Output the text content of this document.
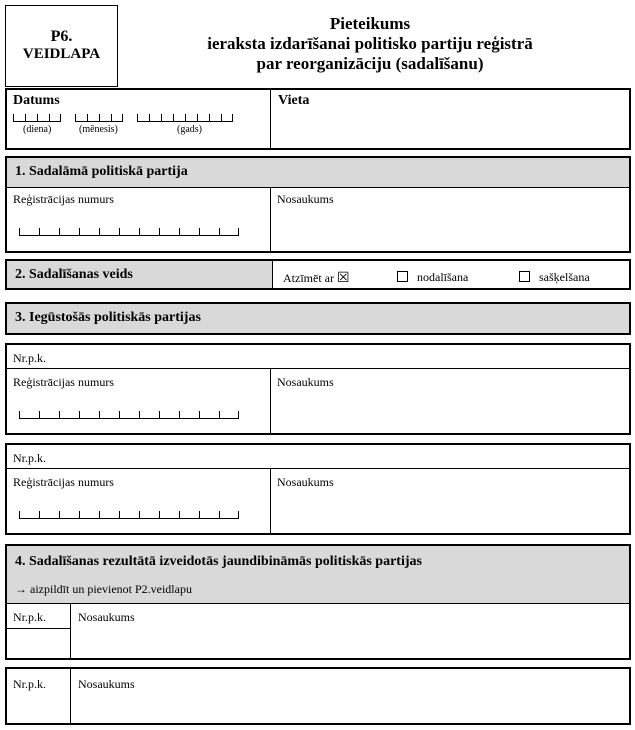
P6.
VEIDLAPA
Pieteikums
ieraksta izdarīšanai politisko partiju reģistrā
par reorganizāciju (sadalīšanu)
Datums
(diena)	(mēnesis)	(gads)
Vieta
1. Sadalāmā politiskā partija
Reģistrācijas numurs	Nosaukums
2. Sadalīšanas veids	Atzīmēt ar ☒	nodalīšana	sašķelšana
3. Iegūstošās politiskās partijas
Nr.p.k.
Reģistrācijas numurs	Nosaukums
Nr.p.k.
Reģistrācijas numurs	Nosaukums
4. Sadalīšanas rezultātā izveidotās jaundibināmās politiskās partijas
→ aizpildīt un pievienot P2.veidlapu
Nr.p.k.	Nosaukums
Nr.p.k.	Nosaukums
